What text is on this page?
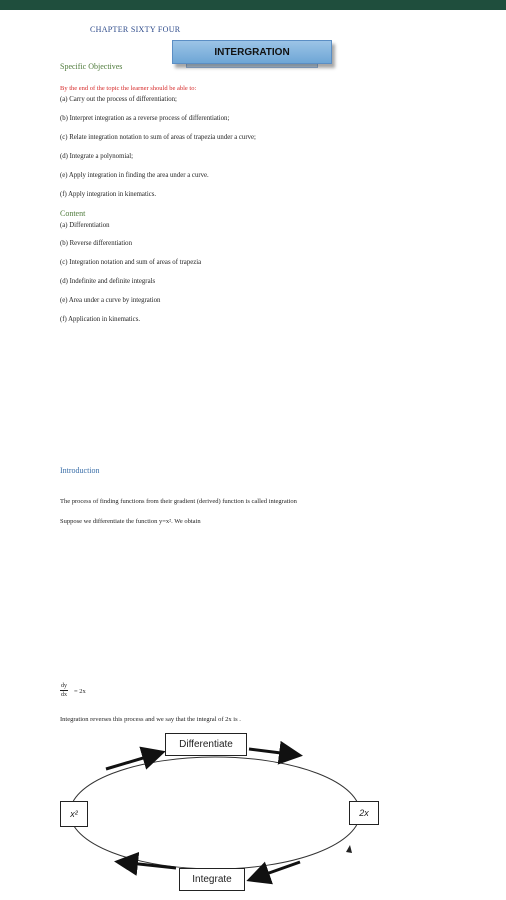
CHAPTER SIXTY FOUR
INTERGRATION
Specific Objectives
By the end of the topic the learner should be able to:
(a) Carry out the process of differentiation;
(b) Interpret integration as a reverse process of differentiation;
(c) Relate integration notation to sum of areas of trapezia under a curve;
(d) Integrate a polynomial;
(e) Apply integration in finding the area under a curve.
(f) Apply integration in kinematics.
Content
(a) Differentiation
(b) Reverse differentiation
(c) Integration notation and sum of areas of trapezia
(d) Indefinite and definite integrals
(e) Area under a curve by integration
(f) Application in kinematics.
Introduction
The process of finding functions from their gradient (derived) function is called integration
Suppose we differentiate the function y=x². We obtain
$\frac{dy}{dx} = 2x$
Integration reverses this process and we say that the integral of 2x is .
Differentiate
Integrate
x²	2x
